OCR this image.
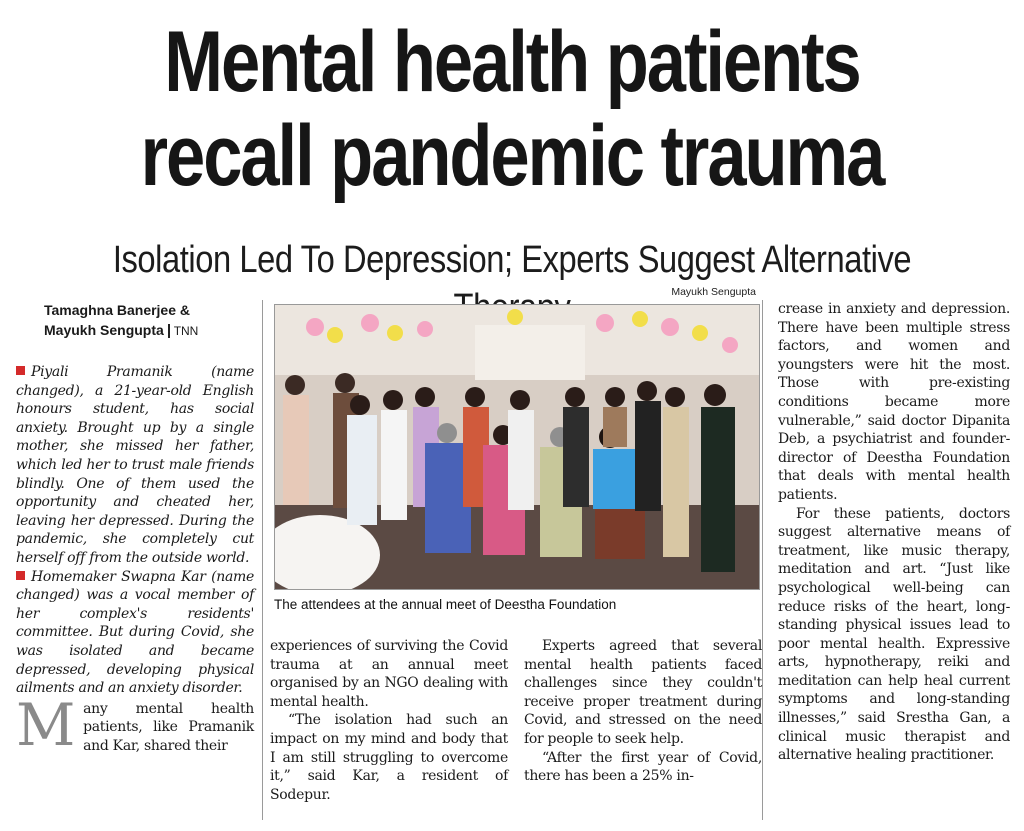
Mental health patients
recall pandemic trauma
Isolation Led To Depression; Experts Suggest Alternative
Tamaghna Banerjee &
Mayukh Sengupta TNN

Piyali Pramanik (name changed), a 21-year-old English honours student, has social anxiety. Brought up by a single mother, she missed her father, which led her to trust male friends blindly. One of them used the opportunity and cheated her, leaving her depressed. During the pandemic, she completely cut herself off from the outside world.

Homemaker Swapna Kar (name changed) was a vocal member of her complex's residents' committee. But during Covid, she was isolated and became depressed, developing physical ailments and an anxiety disorder.

Many mental health patients, like Pramanik and Kar, shared their

Mayukh Sengupta
The attendees at the annual meet of Deestha Foundation

experiences of surviving the Covid trauma at an annual meet organised by an NGO dealing with mental health.

“The isolation had such an impact on my mind and body that I am still struggling to overcome it,” said Kar, a resident of Sodepur.

Experts agreed that several mental health patients faced challenges since they couldn't receive proper treatment during Covid, and stressed on the need for people to seek help.

“After the first year of Covid, there has been a 25% in-

crease in anxiety and depression. There have been multiple stress factors, and women and youngsters were hit the most. Those with pre-existing conditions became more vulnerable,” said doctor Dipanita Deb, a psychiatrist and founder-director of Deestha Foundation that deals with mental health patients.

For these patients, doctors suggest alternative means of treatment, like music therapy, meditation and art. “Just like psychological well-being can reduce risks of the heart, long-standing physical issues lead to poor mental health. Expressive arts, hypnotherapy, reiki and meditation can help heal current symptoms and long-standing illnesses,” said Srestha Gan, a clinical music therapist and alternative healing practitioner.
